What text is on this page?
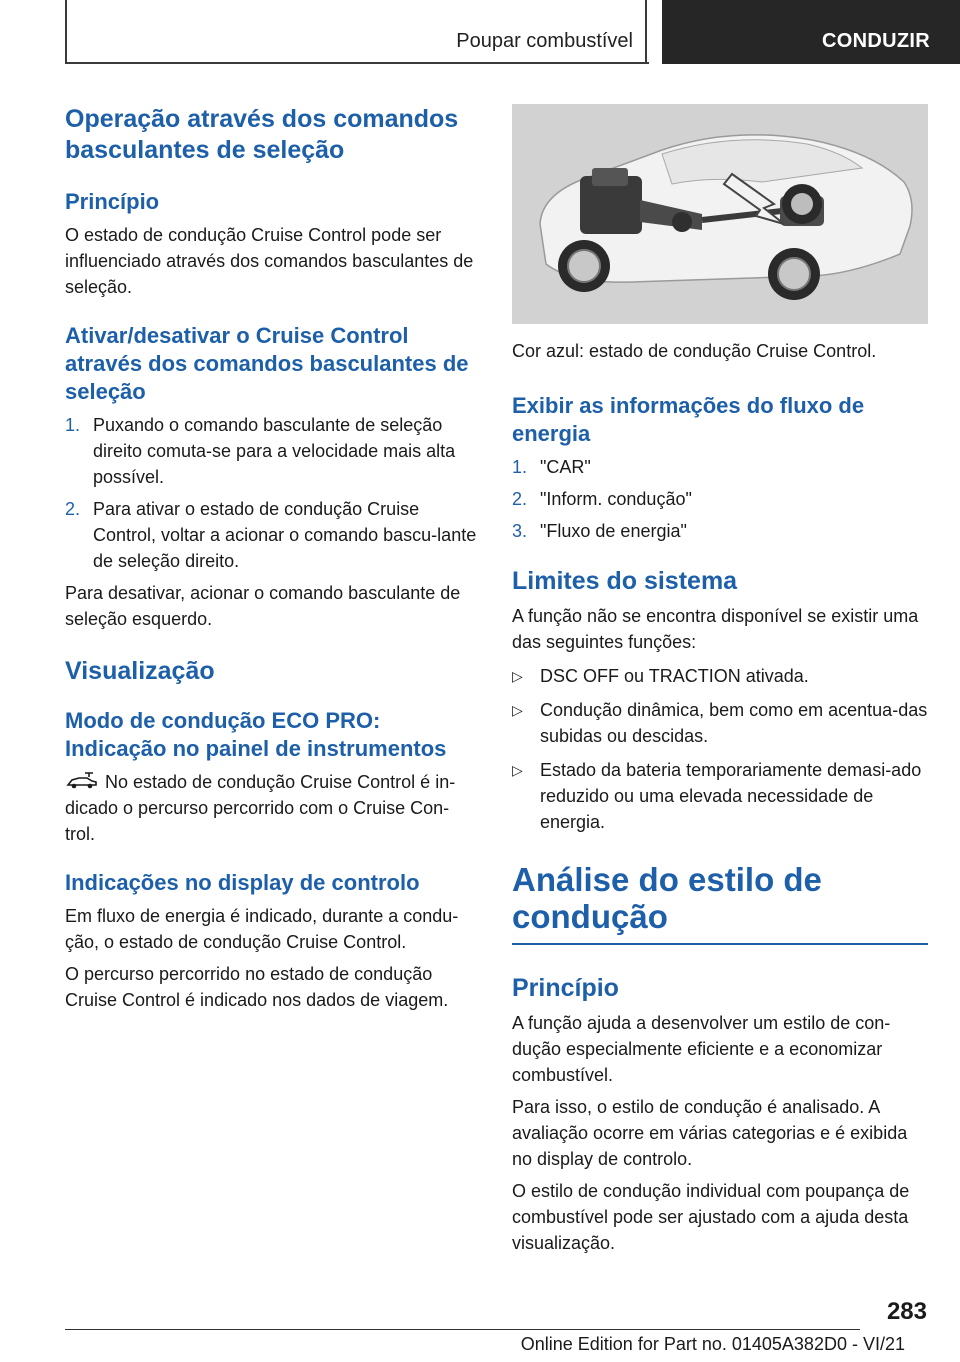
Poupar combustível	CONDUZIR
Operação através dos comandos basculantes de seleção
Princípio

O estado de condução Cruise Control pode ser influenciado através dos comandos basculantes de seleção.

Ativar/desativar o Cruise Control através dos comandos basculantes de seleção
1. Puxando o comando basculante de seleção direito comuta-se para a velocidade mais alta possível.
2. Para ativar o estado de condução Cruise Control, voltar a acionar o comando bascu-lante de seleção direito.

Para desativar, acionar o comando basculante de seleção esquerdo.

Visualização
Modo de condução ECO PRO: Indicação no painel de instrumentos

No estado de condução Cruise Control é in-dicado o percurso percorrido com o Cruise Con-trol.

Indicações no display de controlo

Em fluxo de energia é indicado, durante a condu-ção, o estado de condução Cruise Control.

O percurso percorrido no estado de condução Cruise Control é indicado nos dados de viagem.

Cor azul: estado de condução Cruise Control.

Exibir as informações do fluxo de energia
1. "CAR"
2. "Inform. condução"
3. "Fluxo de energia"
Limites do sistema

A função não se encontra disponível se existir uma das seguintes funções:

▷ DSC OFF ou TRACTION ativada.
▷ Condução dinâmica, bem como em acentua-das subidas ou descidas.
▷ Estado da bateria temporariamente demasi-ado reduzido ou uma elevada necessidade de energia.
Análise do estilo de condução
Princípio

A função ajuda a desenvolver um estilo de con-dução especialmente eficiente e a economizar combustível.

Para isso, o estilo de condução é analisado. A avaliação ocorre em várias categorias e é exibida no display de controlo.

O estilo de condução individual com poupança de combustível pode ser ajustado com a ajuda desta visualização.

283
Online Edition for Part no. 01405A382D0 - VI/21
